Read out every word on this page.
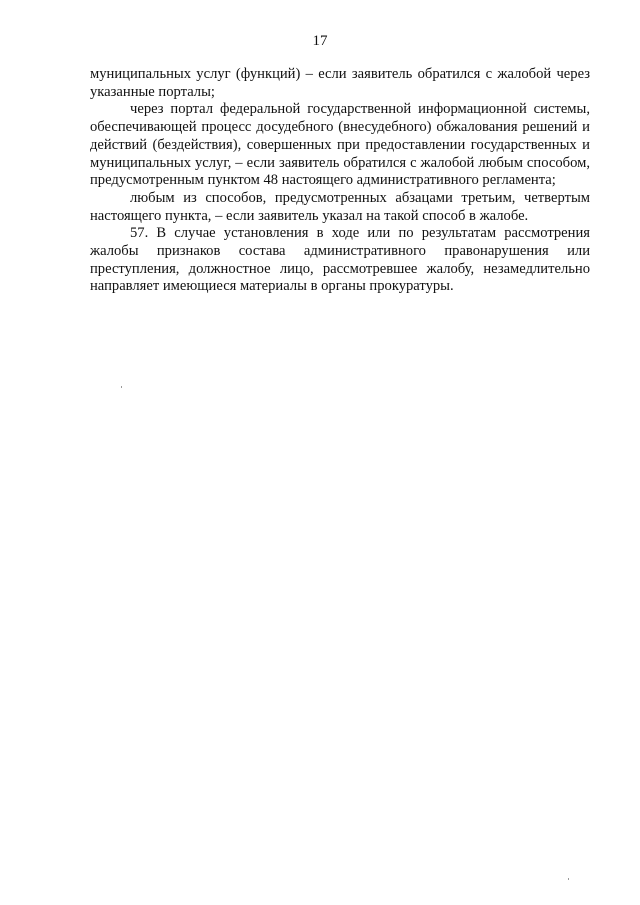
17

муниципальных услуг (функций) – если заявитель обратился с жалобой через указанные порталы;

через портал федеральной государственной информационной системы, обеспечивающей процесс досудебного (внесудебного) обжалования решений и действий (бездействия), совершенных при предоставлении государственных и муниципальных услуг, – если заявитель обратился с жалобой любым способом, предусмотренным пунктом 48 настоящего административного регламента;

любым из способов, предусмотренных абзацами третьим, четвертым настоящего пункта, – если заявитель указал на такой способ в жалобе.

57. В случае установления в ходе или по результатам рассмотрения жалобы признаков состава административного правонарушения или преступления, должностное лицо, рассмотревшее жалобу, незамедлительно направляет имеющиеся материалы в органы прокуратуры.
